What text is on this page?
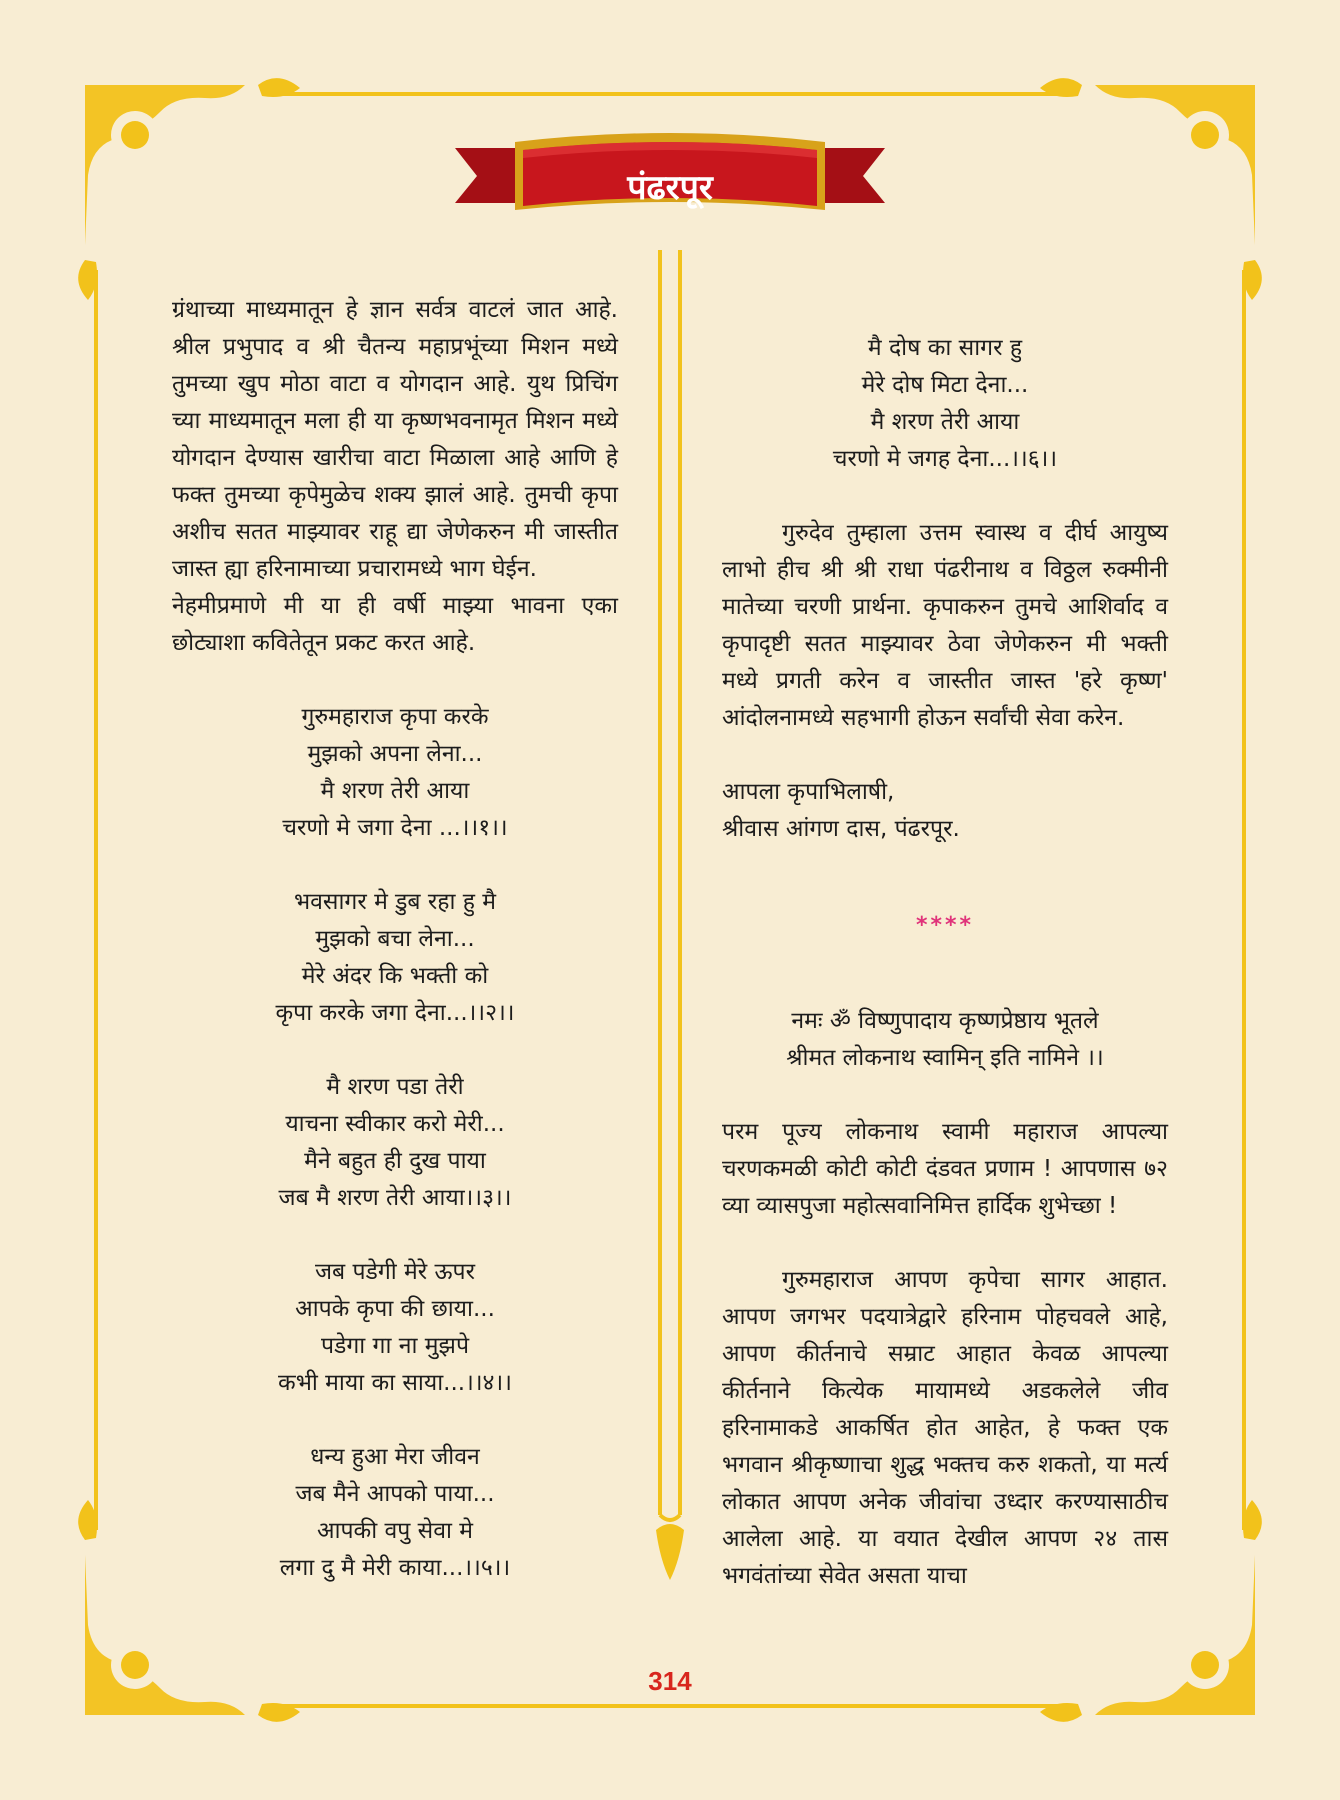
पंढरपूर

ग्रंथाच्या माध्यमातून हे ज्ञान सर्वत्र वाटलं जात आहे. श्रील प्रभुपाद व श्री चैतन्य महाप्रभूंच्या मिशन मध्ये तुमच्या खुप मोठा वाटा व योगदान आहे. युथ प्रिचिंग च्या माध्यमातून मला ही या कृष्णभवनामृत मिशन मध्ये योगदान देण्यास खारीचा वाटा मिळाला आहे आणि हे फक्त तुमच्या कृपेमुळेच शक्य झालं आहे. तुमची कृपा अशीच सतत माझ्यावर राहू द्या जेणेकरुन मी जास्तीत जास्त ह्या हरिनामाच्या प्रचारामध्ये भाग घेईन.

नेहमीप्रमाणे मी या ही वर्षी माझ्या भावना एका छोट्याशा कवितेतून प्रकट करत आहे.

गुरुमहाराज कृपा करके

मुझको अपना लेना...

मै शरण तेरी आया

चरणो मे जगा देना ...।।१।।

भवसागर मे डुब रहा हु मै

मुझको बचा लेना...

मेरे अंदर कि भक्ती को

कृपा करके जगा देना...।।२।।

मै शरण पडा तेरी

याचना स्वीकार करो मेरी...

मैने बहुत ही दुख पाया

जब मै शरण तेरी आया।।३।।

जब पडेगी मेरे ऊपर

आपके कृपा की छाया...

पडेगा गा ना मुझपे

कभी माया का साया...।।४।।

धन्य हुआ मेरा जीवन

जब मैने आपको पाया...

आपकी वपु सेवा मे

लगा दु मै मेरी काया...।।५।।

मै दोष का सागर हु

मेरे दोष मिटा देना...

मै शरण तेरी आया

चरणो मे जगह देना...।।६।।

गुरुदेव तुम्हाला उत्तम स्वास्थ व दीर्घ आयुष्य लाभो हीच श्री श्री राधा पंढरीनाथ व विठ्ठल रुक्मीनी मातेच्या चरणी प्रार्थना. कृपाकरुन तुमचे आशिर्वाद व कृपादृष्टी सतत माझ्यावर ठेवा जेणेकरुन मी भक्ती मध्ये प्रगती करेन व जास्तीत जास्त 'हरे कृष्ण' आंदोलनामध्ये सहभागी होऊन सर्वांची सेवा करेन.

आपला कृपाभिलाषी,

श्रीवास आंगण दास, पंढरपूर.

****

नमः ॐ विष्णुपादाय कृष्णप्रेष्ठाय भूतले

श्रीमत लोकनाथ स्वामिन् इति नामिने ।।

परम पूज्य लोकनाथ स्वामी महाराज आपल्या चरणकमळी कोटी कोटी दंडवत प्रणाम ! आपणास ७२ व्या व्यासपुजा महोत्सवानिमित्त हार्दिक शुभेच्छा !

गुरुमहाराज आपण कृपेचा सागर आहात. आपण जगभर पदयात्रेद्वारे हरिनाम पोहचवले आहे, आपण कीर्तनाचे सम्राट आहात केवळ आपल्या कीर्तनाने कित्येक मायामध्ये अडकलेले जीव हरिनामाकडे आकर्षित होत आहेत, हे फक्त एक भगवान श्रीकृष्णाचा शुद्ध भक्तच करु शकतो, या मर्त्य लोकात आपण अनेक जीवांचा उध्दार करण्यासाठीच आलेला आहे. या वयात देखील आपण २४ तास भगवंतांच्या सेवेत असता याचा

314
